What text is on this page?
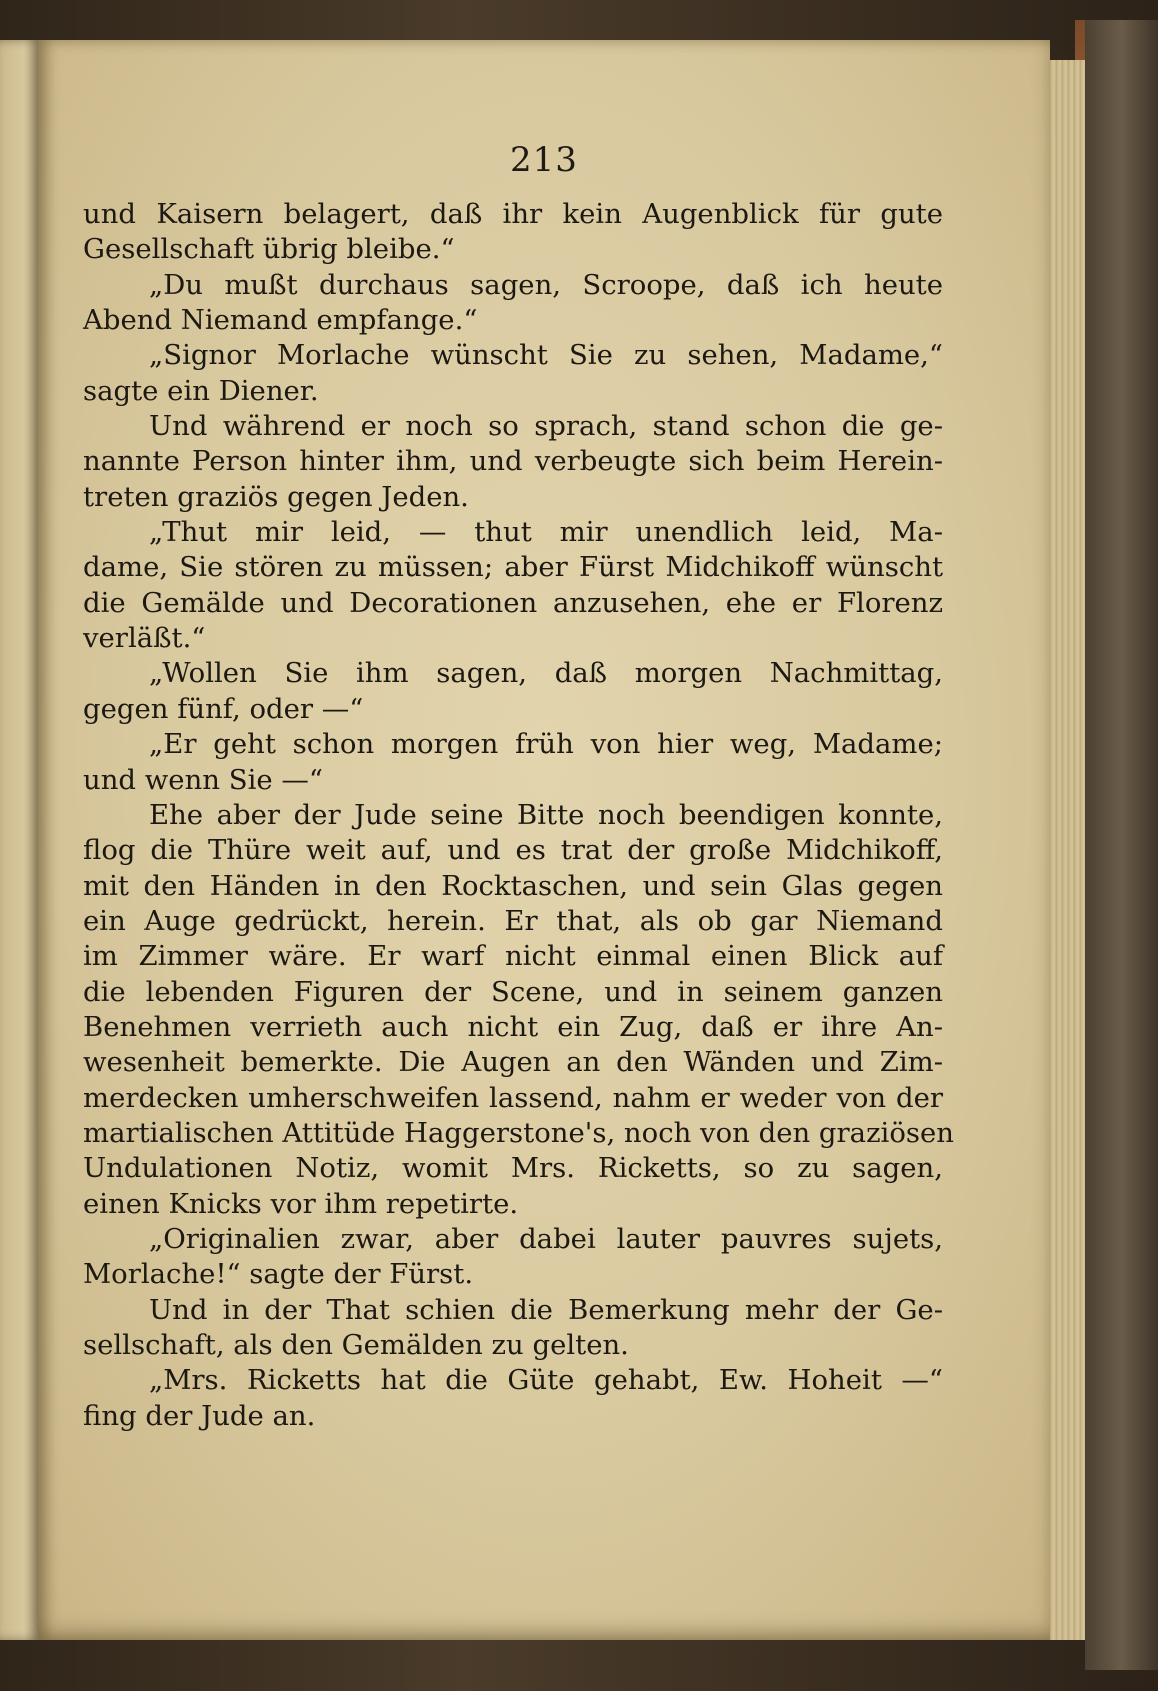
213
und Kaisern belagert, daß ihr kein Augenblick für gute
Gesellschaft übrig bleibe.“
„Du mußt durchaus sagen, Scroope, daß ich heute
Abend Niemand empfange.“
„Signor Morlache wünscht Sie zu sehen, Madame,“
sagte ein Diener.
Und während er noch so sprach, stand schon die ge-
nannte Person hinter ihm, und verbeugte sich beim Herein-
treten graziös gegen Jeden.
„Thut mir leid, — thut mir unendlich leid, Ma-
dame, Sie stören zu müssen; aber Fürst Midchikoff wünscht
die Gemälde und Decorationen anzusehen, ehe er Florenz
verläßt.“
„Wollen Sie ihm sagen, daß morgen Nachmittag,
gegen fünf, oder —“
„Er geht schon morgen früh von hier weg, Madame;
und wenn Sie —“
Ehe aber der Jude seine Bitte noch beendigen konnte,
flog die Thüre weit auf, und es trat der große Midchikoff,
mit den Händen in den Rocktaschen, und sein Glas gegen
ein Auge gedrückt, herein. Er that, als ob gar Niemand
im Zimmer wäre. Er warf nicht einmal einen Blick auf
die lebenden Figuren der Scene, und in seinem ganzen
Benehmen verrieth auch nicht ein Zug, daß er ihre An-
wesenheit bemerkte. Die Augen an den Wänden und Zim-
merdecken umherschweifen lassend, nahm er weder von der
martialischen Attitüde Haggerstone's, noch von den graziösen
Undulationen Notiz, womit Mrs. Ricketts, so zu sagen,
einen Knicks vor ihm repetirte.
„Originalien zwar, aber dabei lauter pauvres sujets,
Morlache!“ sagte der Fürst.
Und in der That schien die Bemerkung mehr der Ge-
sellschaft, als den Gemälden zu gelten.
„Mrs. Ricketts hat die Güte gehabt, Ew. Hoheit —“
fing der Jude an.
